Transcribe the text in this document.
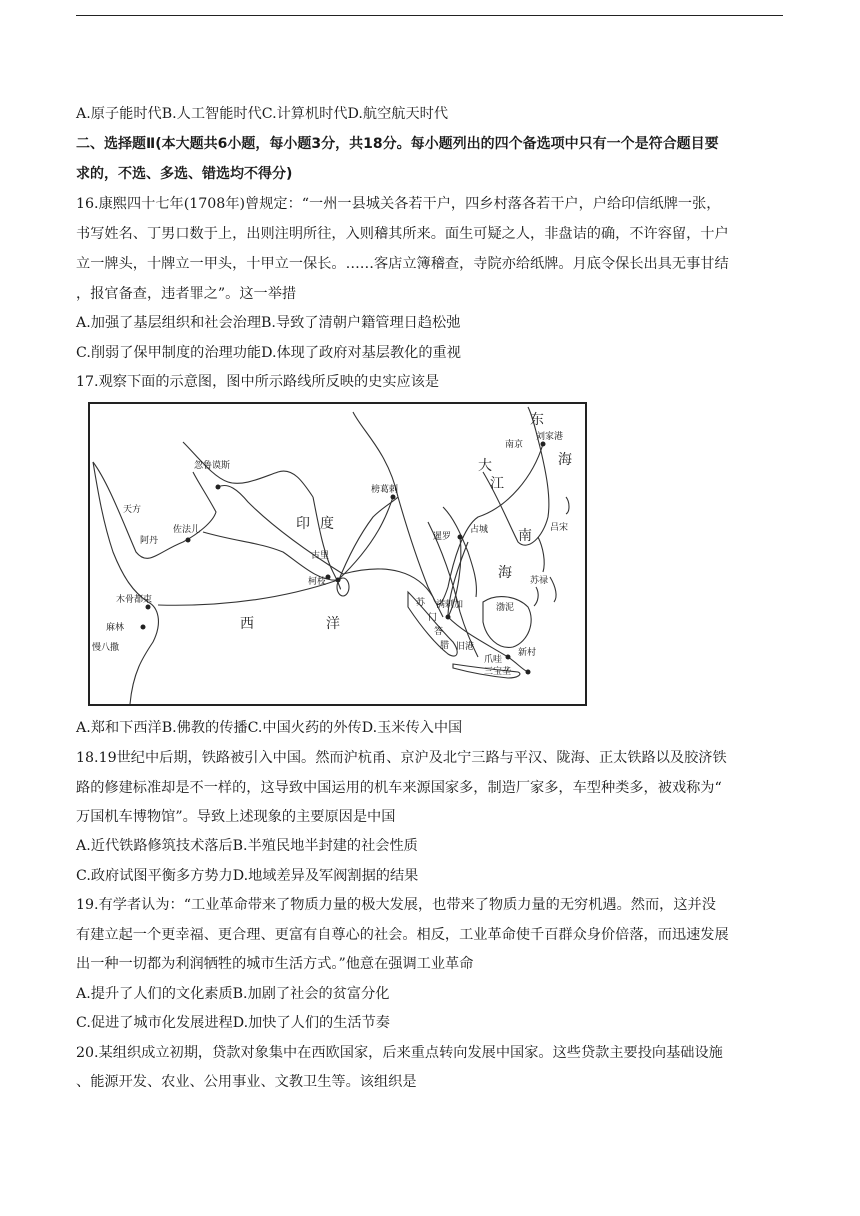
A.原子能时代B.人工智能时代C.计算机时代D.航空航天时代
二、选择题Ⅱ(本大题共6小题，每小题3分，共18分。每小题列出的四个备选项中只有一个是符合题目要
求的，不选、多选、错选均不得分)
16.康熙四十七年(1708年)曾规定：“一州一县城关各若干户，四乡村落各若干户，户给印信纸牌一张，
书写姓名、丁男口数于上，出则注明所往，入则稽其所来。面生可疑之人，非盘诘的确，不许容留，十户
立一牌头，十牌立一甲头，十甲立一保长。……客店立簿稽查，寺院亦给纸牌。月底令保长出具无事甘结
，报官备查，违者罪之”。这一举措
A.加强了基层组织和社会治理B.导致了清朝户籍管理日趋松弛
C.削弱了保甲制度的治理功能D.体现了政府对基层教化的重视
17.观察下面的示意图，图中所示路线所反映的史实应该是
南京
刘家港
忽鲁谟斯
天方
佐法儿
阿丹
古里
柯枝
木骨都束
麻林
慢八撒
榜葛剌
暹罗
占城
满剌加
苏
门
答
腊 旧港
爪哇
新村
三宝垄
渤泥
吕宋
苏禄
大
江
东
海
南
海
印 度
西	洋
A.郑和下西洋B.佛教的传播C.中国火药的外传D.玉米传入中国
18.19世纪中后期，铁路被引入中国。然而沪杭甬、京沪及北宁三路与平汉、陇海、正太铁路以及胶济铁
路的修建标准却是不一样的，这导致中国运用的机车来源国家多，制造厂家多，车型种类多，被戏称为“
万国机车博物馆”。导致上述现象的主要原因是中国
A.近代铁路修筑技术落后B.半殖民地半封建的社会性质
C.政府试图平衡多方势力D.地域差异及军阀割据的结果
19.有学者认为：“工业革命带来了物质力量的极大发展，也带来了物质力量的无穷机遇。然而，这并没
有建立起一个更幸福、更合理、更富有自尊心的社会。相反，工业革命使千百群众身价倍落，而迅速发展
出一种一切都为利润牺牲的城市生活方式。”他意在强调工业革命
A.提升了人们的文化素质B.加剧了社会的贫富分化
C.促进了城市化发展进程D.加快了人们的生活节奏
20.某组织成立初期，贷款对象集中在西欧国家，后来重点转向发展中国家。这些贷款主要投向基础设施
、能源开发、农业、公用事业、文教卫生等。该组织是
